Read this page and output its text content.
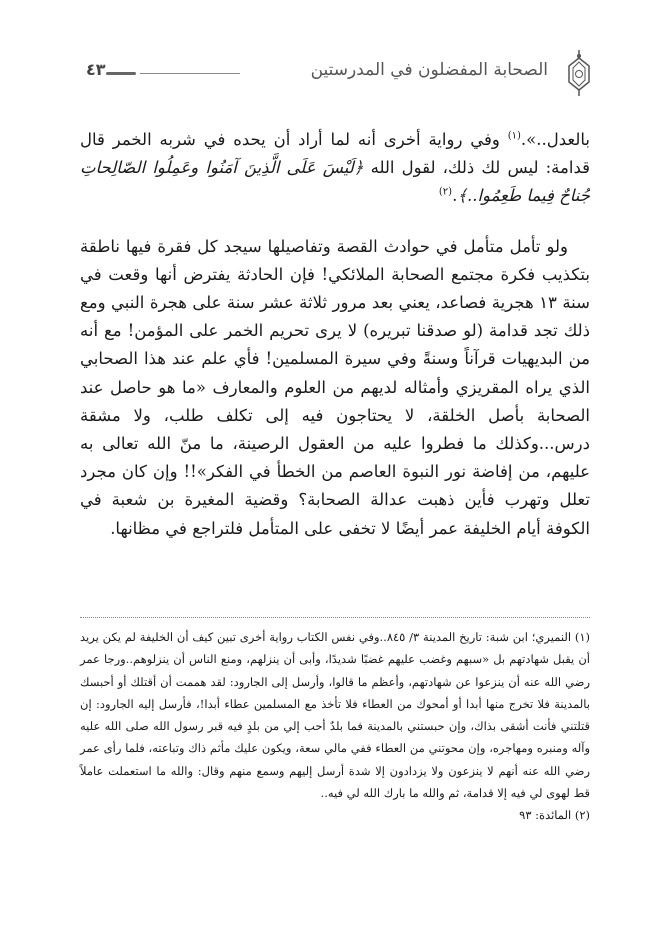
الصحابة المفضلون في المدرستين
٤٣

بالعدل..».$^{(١)}$ وفي رواية أخرى أنه لما أراد أن يحده في شربه الخمر قال قدامة: ليس لك ذلك، لقول الله ﴿لَيْسَ عَلَى الَّذِينَ آمَنُوا وعَمِلُوا الصّالِحاتِ جُناحٌ فِيما طَعِمُوا..﴾.$^{(٢)}$

ولو تأمل متأمل في حوادث القصة وتفاصيلها سيجد كل فقرة فيها ناطقة بتكذيب فكرة مجتمع الصحابة الملائكي! فإن الحادثة يفترض أنها وقعت في سنة ١٣ هجرية فصاعد، يعني بعد مرور ثلاثة عشر سنة على هجرة النبي ومع ذلك تجد قدامة (لو صدقنا تبريره) لا يرى تحريم الخمر على المؤمن! مع أنه من البديهيات قرآناً وسنةً وفي سيرة المسلمين! فأي علم عند هذا الصحابي الذي يراه المقريزي وأمثاله لديهم من العلوم والمعارف «ما هو حاصل عند الصحابة بأصل الخلقة، لا يحتاجون فيه إلى تكلف طلب، ولا مشقة درس...وكذلك ما فطروا عليه من العقول الرصينة، ما منّ الله تعالى به عليهم، من إفاضة نور النبوة العاصم من الخطأ في الفكر»!! وإن كان مجرد تعلل وتهرب فأين ذهبت عدالة الصحابة؟ وقضية المغيرة بن شعبة في الكوفة أيام الخليفة عمر أيضًا لا تخفى على المتأمل فلتراجع في مظانها.

(١) النميري؛ ابن شبة: تاريخ المدينة ٣/ ٨٤٥..وفي نفس الكتاب رواية أخرى تبين كيف أن الخليفة لم يكن يريد أن يقبل شهادتهم بل «سبهم وغضب عليهم غضبًا شديدًا، وأبى أن ينزلهم، ومنع الناس أن ينزلوهم..ورجا عمر رضي الله عنه أن ينزعوا عن شهادتهم، وأعظم ما قالوا، وأرسل إلى الجارود: لقد هممت أن أقتلك أو أحبسك بالمدينة فلا تخرج منها أبدا أو أمحوك من العطاء فلا تأخذ مع المسلمين عطاء أبدا!، فأرسل إليه الجارود: إن قتلتني فأنت أشقى بذاك، وإن حبستني بالمدينة فما بلدٌ أحب إلي من بلدٍ فيه قبر رسول الله صلى الله عليه وآله ومنبره ومهاجره، وإن محوتني من العطاء ففي مالي سعة، ويكون عليك مأثم ذاك وتباعته، فلما رأى عمر رضي الله عنه أنهم لا ينزعون ولا يزدادون إلا شدة أرسل إليهم وسمع منهم وقال: والله ما استعملت عاملاً قط لهوى لي فيه إلا قدامة، ثم والله ما بارك الله لي فيه..

(٢) المائدة: ٩٣
